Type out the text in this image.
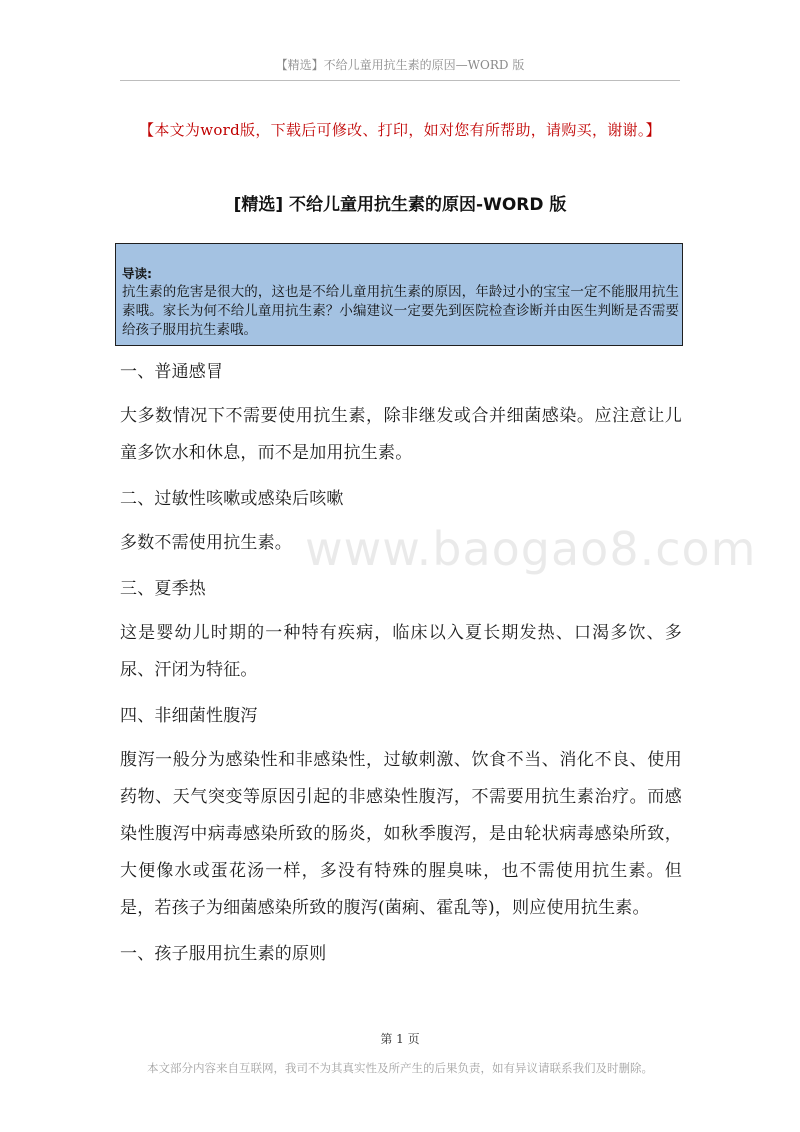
【精选】不给儿童用抗生素的原因—WORD 版
【本文为word版，下载后可修改、打印，如对您有所帮助，请购买，谢谢。】
[精选] 不给儿童用抗生素的原因-WORD 版
导读:
抗生素的危害是很大的，这也是不给儿童用抗生素的原因，年龄过小的宝宝一定不能服用抗生素哦。家长为何不给儿童用抗生素？小编建议一定要先到医院检查诊断并由医生判断是否需要给孩子服用抗生素哦。

一、普通感冒

大多数情况下不需要使用抗生素，除非继发或合并细菌感染。应注意让儿童多饮水和休息，而不是加用抗生素。

二、过敏性咳嗽或感染后咳嗽

多数不需使用抗生素。

三、夏季热

这是婴幼儿时期的一种特有疾病，临床以入夏长期发热、口渴多饮、多尿、汗闭为特征。

四、非细菌性腹泻

腹泻一般分为感染性和非感染性，过敏刺激、饮食不当、消化不良、使用药物、天气突变等原因引起的非感染性腹泻，不需要用抗生素治疗。而感染性腹泻中病毒感染所致的肠炎，如秋季腹泻，是由轮状病毒感染所致，大便像水或蛋花汤一样，多没有特殊的腥臭味，也不需使用抗生素。但是，若孩子为细菌感染所致的腹泻(菌痢、霍乱等)，则应使用抗生素。

一、孩子服用抗生素的原则

www.baogao8.com
第 1 页
本文部分内容来自互联网，我司不为其真实性及所产生的后果负责，如有异议请联系我们及时删除。
